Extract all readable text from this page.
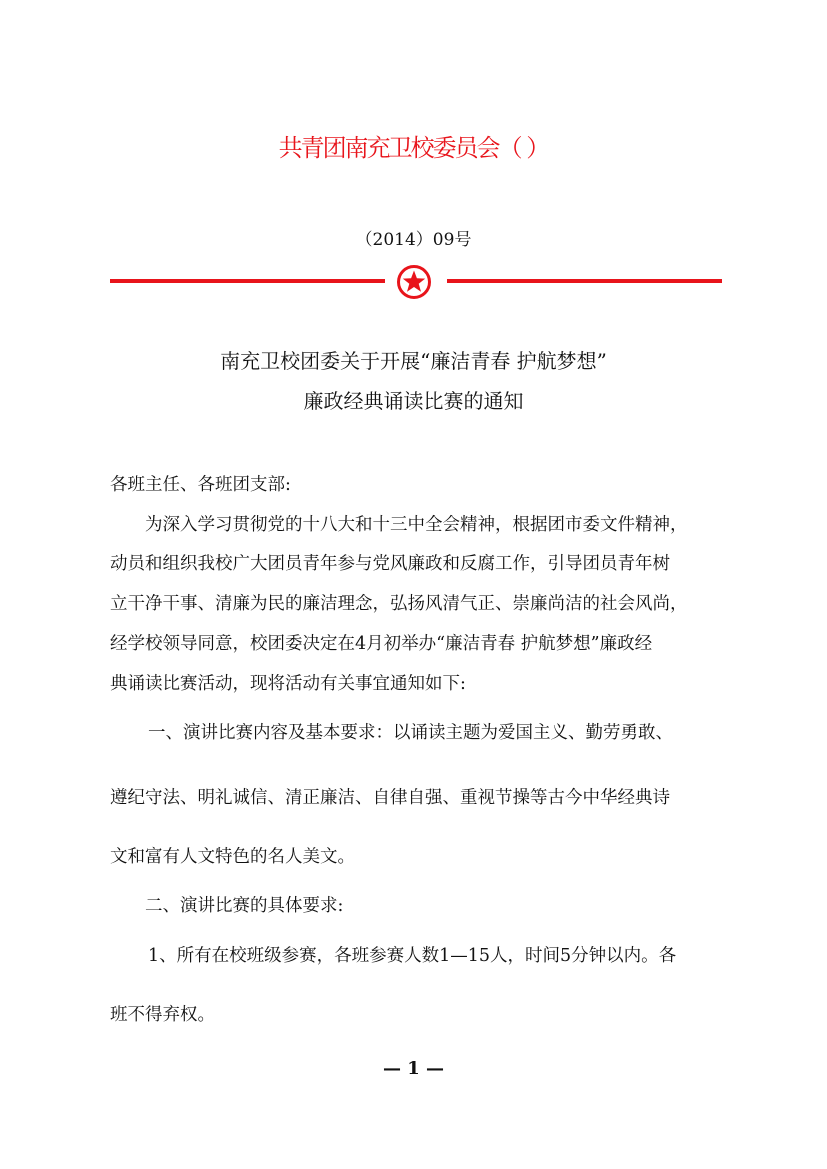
共青团南充卫校委员会（ ）
（2014）09号
南充卫校团委关于开展“廉洁青春 护航梦想”
廉政经典诵读比赛的通知
各班主任、各班团支部:
为深入学习贯彻党的十八大和十三中全会精神，根据团市委文件精神，
动员和组织我校广大团员青年参与党风廉政和反腐工作，引导团员青年树
立干净干事、清廉为民的廉洁理念，弘扬风清气正、崇廉尚洁的社会风尚，
经学校领导同意，校团委决定在4月初举办“廉洁青春 护航梦想”廉政经
典诵读比赛活动，现将活动有关事宜通知如下:
一、演讲比赛内容及基本要求：以诵读主题为爱国主义、勤劳勇敢、
遵纪守法、明礼诚信、清正廉洁、自律自强、重视节操等古今中华经典诗
文和富有人文特色的名人美文。
二、演讲比赛的具体要求:
1、所有在校班级参赛，各班参赛人数1—15人，时间5分钟以内。各
班不得弃权。
— 1 —
